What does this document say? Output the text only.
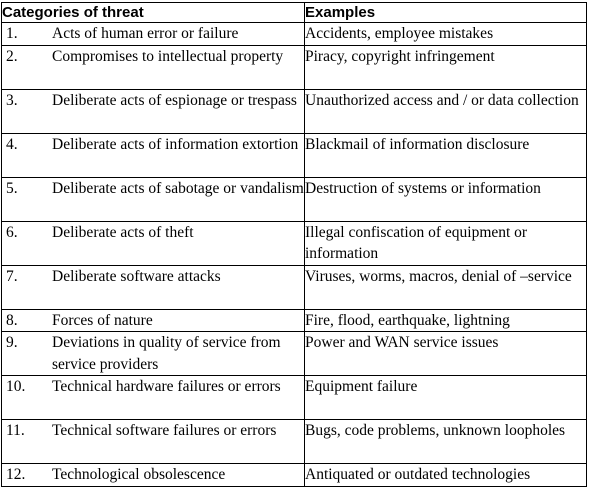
Categories of threat	Examples

1. Acts of human error or failure	Accidents, employee mistakes

2. Compromises to intellectual property	Piracy, copyright infringement

3. Deliberate acts of espionage or trespass	Unauthorized access and / or data collection

4. Deliberate acts of information extortion	Blackmail of information disclosure

5. Deliberate acts of sabotage or vandalism	Destruction of systems or information

6. Deliberate acts of theft	Illegal confiscation of equipment or information

7. Deliberate software attacks	Viruses, worms, macros, denial of –service

8. Forces of nature	Fire, flood, earthquake, lightning

9. Deviations in quality of service from service providers	Power and WAN service issues

10. Technical hardware failures or errors	Equipment failure

11. Technical software failures or errors	Bugs, code problems, unknown loopholes

12. Technological obsolescence	Antiquated or outdated technologies
